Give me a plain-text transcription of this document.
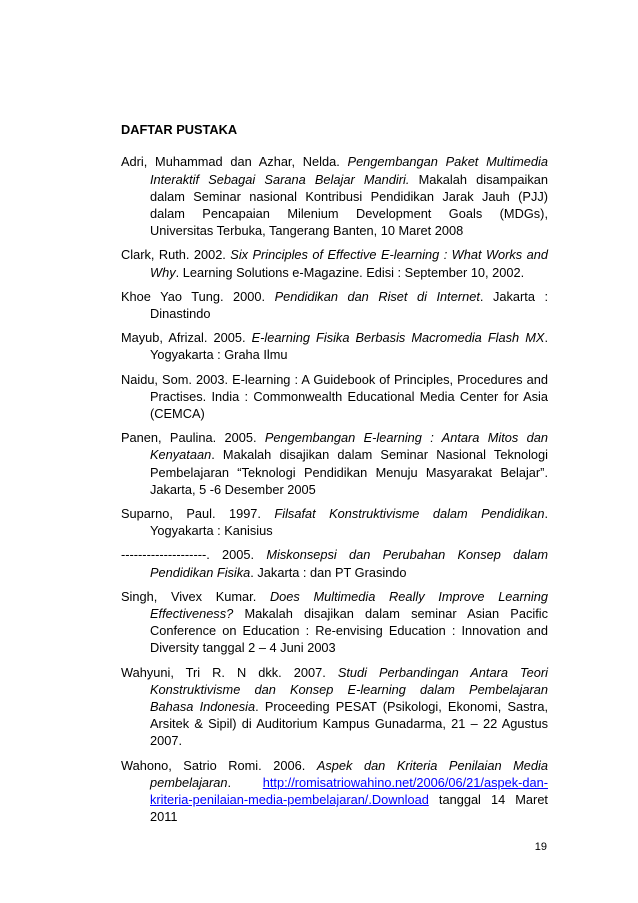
DAFTAR PUSTAKA
Adri, Muhammad dan Azhar, Nelda. Pengembangan Paket Multimedia
Interaktif Sebagai Sarana Belajar Mandiri. Makalah disampaikan
dalam Seminar nasional Kontribusi Pendidikan Jarak Jauh (PJJ)
dalam Pencapaian Milenium Development Goals (MDGs),
Universitas Terbuka, Tangerang Banten, 10 Maret 2008
Clark, Ruth. 2002. Six Principles of Effective E-learning : What Works and
Why. Learning Solutions e-Magazine. Edisi : September 10, 2002.
Khoe Yao Tung. 2000. Pendidikan dan Riset di Internet. Jakarta :
Dinastindo
Mayub, Afrizal. 2005. E-learning Fisika Berbasis Macromedia Flash MX.
Yogyakarta : Graha Ilmu
Naidu, Som. 2003. E-learning : A Guidebook of Principles, Procedures and
Practises. India : Commonwealth Educational Media Center for Asia
(CEMCA)
Panen, Paulina. 2005. Pengembangan E-learning : Antara Mitos dan
Kenyataan. Makalah disajikan dalam Seminar Nasional Teknologi
Pembelajaran “Teknologi Pendidikan Menuju Masyarakat Belajar”.
Jakarta, 5 -6 Desember 2005
Suparno, Paul. 1997. Filsafat Konstruktivisme dalam Pendidikan.
Yogyakarta : Kanisius
--------------------. 2005. Miskonsepsi dan Perubahan Konsep dalam
Pendidikan Fisika. Jakarta : dan PT Grasindo
Singh, Vivex Kumar. Does Multimedia Really Improve Learning
Effectiveness? Makalah disajikan dalam seminar Asian Pacific
Conference on Education : Re-envising Education : Innovation and
Diversity tanggal 2 – 4 Juni 2003
Wahyuni, Tri R. N dkk. 2007. Studi Perbandingan Antara Teori
Konstruktivisme dan Konsep E-learning dalam Pembelajaran
Bahasa Indonesia. Proceeding PESAT (Psikologi, Ekonomi, Sastra,
Arsitek & Sipil) di Auditorium Kampus Gunadarma, 21 – 22 Agustus
2007.
Wahono, Satrio Romi. 2006. Aspek dan Kriteria Penilaian Media
pembelajaran. http://romisatriowahino.net/2006/06/21/aspek-dan-
kriteria-penilaian-media-pembelajaran/.Download tanggal 14 Maret
2011
19
